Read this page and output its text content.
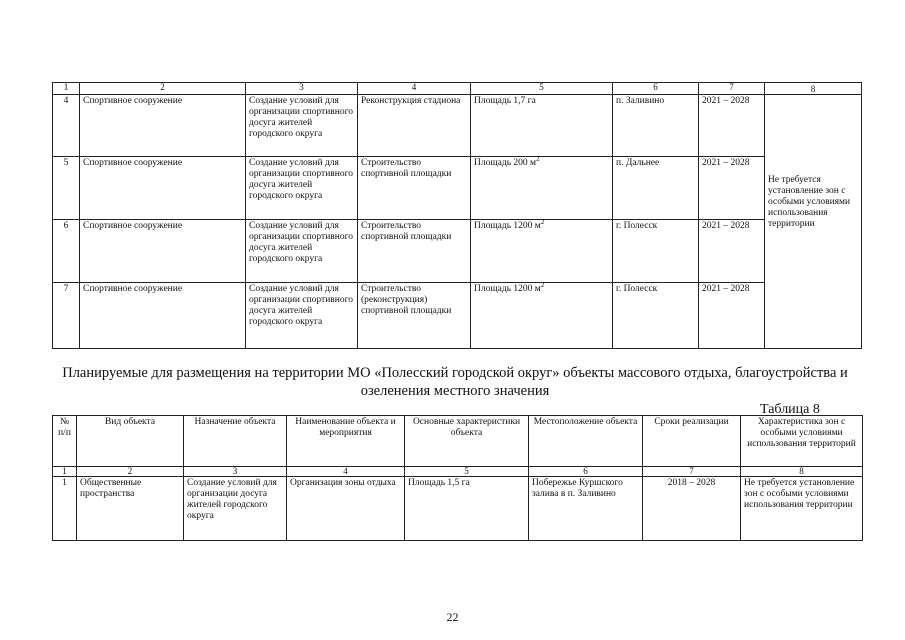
1	2	3	4	5	6	7	8
4	Спортивное сооружение	Создание условий для организации спортивного досуга жителей городского округа	Реконструкция стадиона	Площадь 1,7 га	п. Заливино	2021 – 2028	Не требуется установление зон с особыми условиями использования территории
5	Спортивное сооружение	Создание условий для организации спортивного досуга жителей городского округа	Строительство спортивной площадки	Площадь 200 $м^2$	п. Дальнее	2021 – 2028	
6	Спортивное сооружение	Создание условий для организации спортивного досуга жителей городского округа	Строительство спортивной площадки	Площадь 1200 $м^2$	г. Полесск	2021 – 2028	
7	Спортивное сооружение	Создание условий для организации спортивного досуга жителей городского округа	Строительство (реконструкция) спортивной площадки	Площадь 1200 $м^2$	г. Полесск	2021 – 2028	
Планируемые для размещения на территории МО «Полесский городской округ» объекты массового отдыха, благоустройства и озеленения местного значения
Таблица 8
№ п/п	Вид объекта	Назначение объекта	Наименование объекта и мероприятия	Основные характеристики объекта	Местоположение объекта	Сроки реализации	Характеристика зон с особыми условиями использования территорий
1	2	3	4	5	6	7	8
1	Общественные пространства	Создание условий для организации досуга жителей городского округа	Организация зоны отдыха	Площадь 1,5 га	Побережье Куршского залива в п. Заливино	2018 – 2028	Не требуется установление зон с особыми условиями использования территории
22
